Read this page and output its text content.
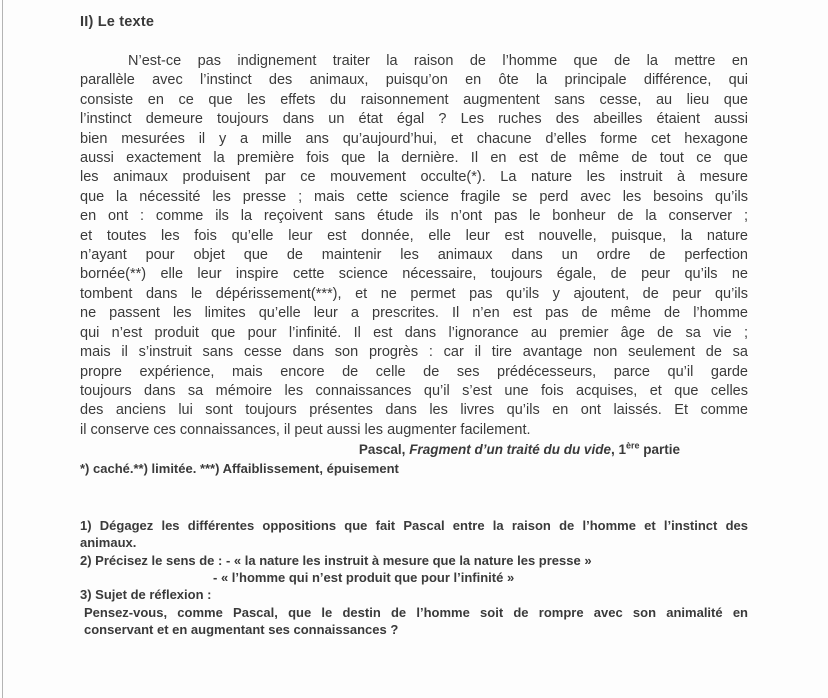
II) Le texte
N’est-ce pas indignement traiter la raison de l’homme que de la mettre en
parallèle avec l’instinct des animaux, puisqu’on en ôte la principale différence, qui
consiste en ce que les effets du raisonnement augmentent sans cesse, au lieu que
l’instinct demeure toujours dans un état égal ? Les ruches des abeilles étaient aussi
bien mesurées il y a mille ans qu’aujourd’hui, et chacune d’elles forme cet hexagone
aussi exactement la première fois que la dernière. Il en est de même de tout ce que
les animaux produisent par ce mouvement occulte(*). La nature les instruit à mesure
que la nécessité les presse ; mais cette science fragile se perd avec les besoins qu’ils
en ont : comme ils la reçoivent sans étude ils n’ont pas le bonheur de la conserver ;
et toutes les fois qu’elle leur est donnée, elle leur est nouvelle, puisque, la nature
n’ayant pour objet que de maintenir les animaux dans un ordre de perfection
bornée(**) elle leur inspire cette science nécessaire, toujours égale, de peur qu’ils ne
tombent dans le dépérissement(***), et ne permet pas qu’ils y ajoutent, de peur qu’ils
ne passent les limites qu’elle leur a prescrites. Il n’en est pas de même de l’homme
qui n’est produit que pour l’infinité. Il est dans l’ignorance au premier âge de sa vie ;
mais il s’instruit sans cesse dans son progrès : car il tire avantage non seulement de sa
propre expérience, mais encore de celle de ses prédécesseurs, parce qu’il garde
toujours dans sa mémoire les connaissances qu’il s’est une fois acquises, et que celles
des anciens lui sont toujours présentes dans les livres qu’ils en ont laissés. Et comme
il conserve ces connaissances, il peut aussi les augmenter facilement.
Pascal, Fragment d’un traité du du vide, 1ère partie
*) caché.**) limitée. ***) Affaiblissement, épuisement
1) Dégagez les différentes oppositions que fait Pascal entre la raison de l’homme et l’instinct des
animaux.
2) Précisez le sens de : - « la nature les instruit à mesure que la nature les presse »
- « l’homme qui n’est produit que pour l’infinité »
3) Sujet de réflexion :
Pensez-vous, comme Pascal, que le destin de l’homme soit de rompre avec son animalité en
conservant et en augmentant ses connaissances ?
